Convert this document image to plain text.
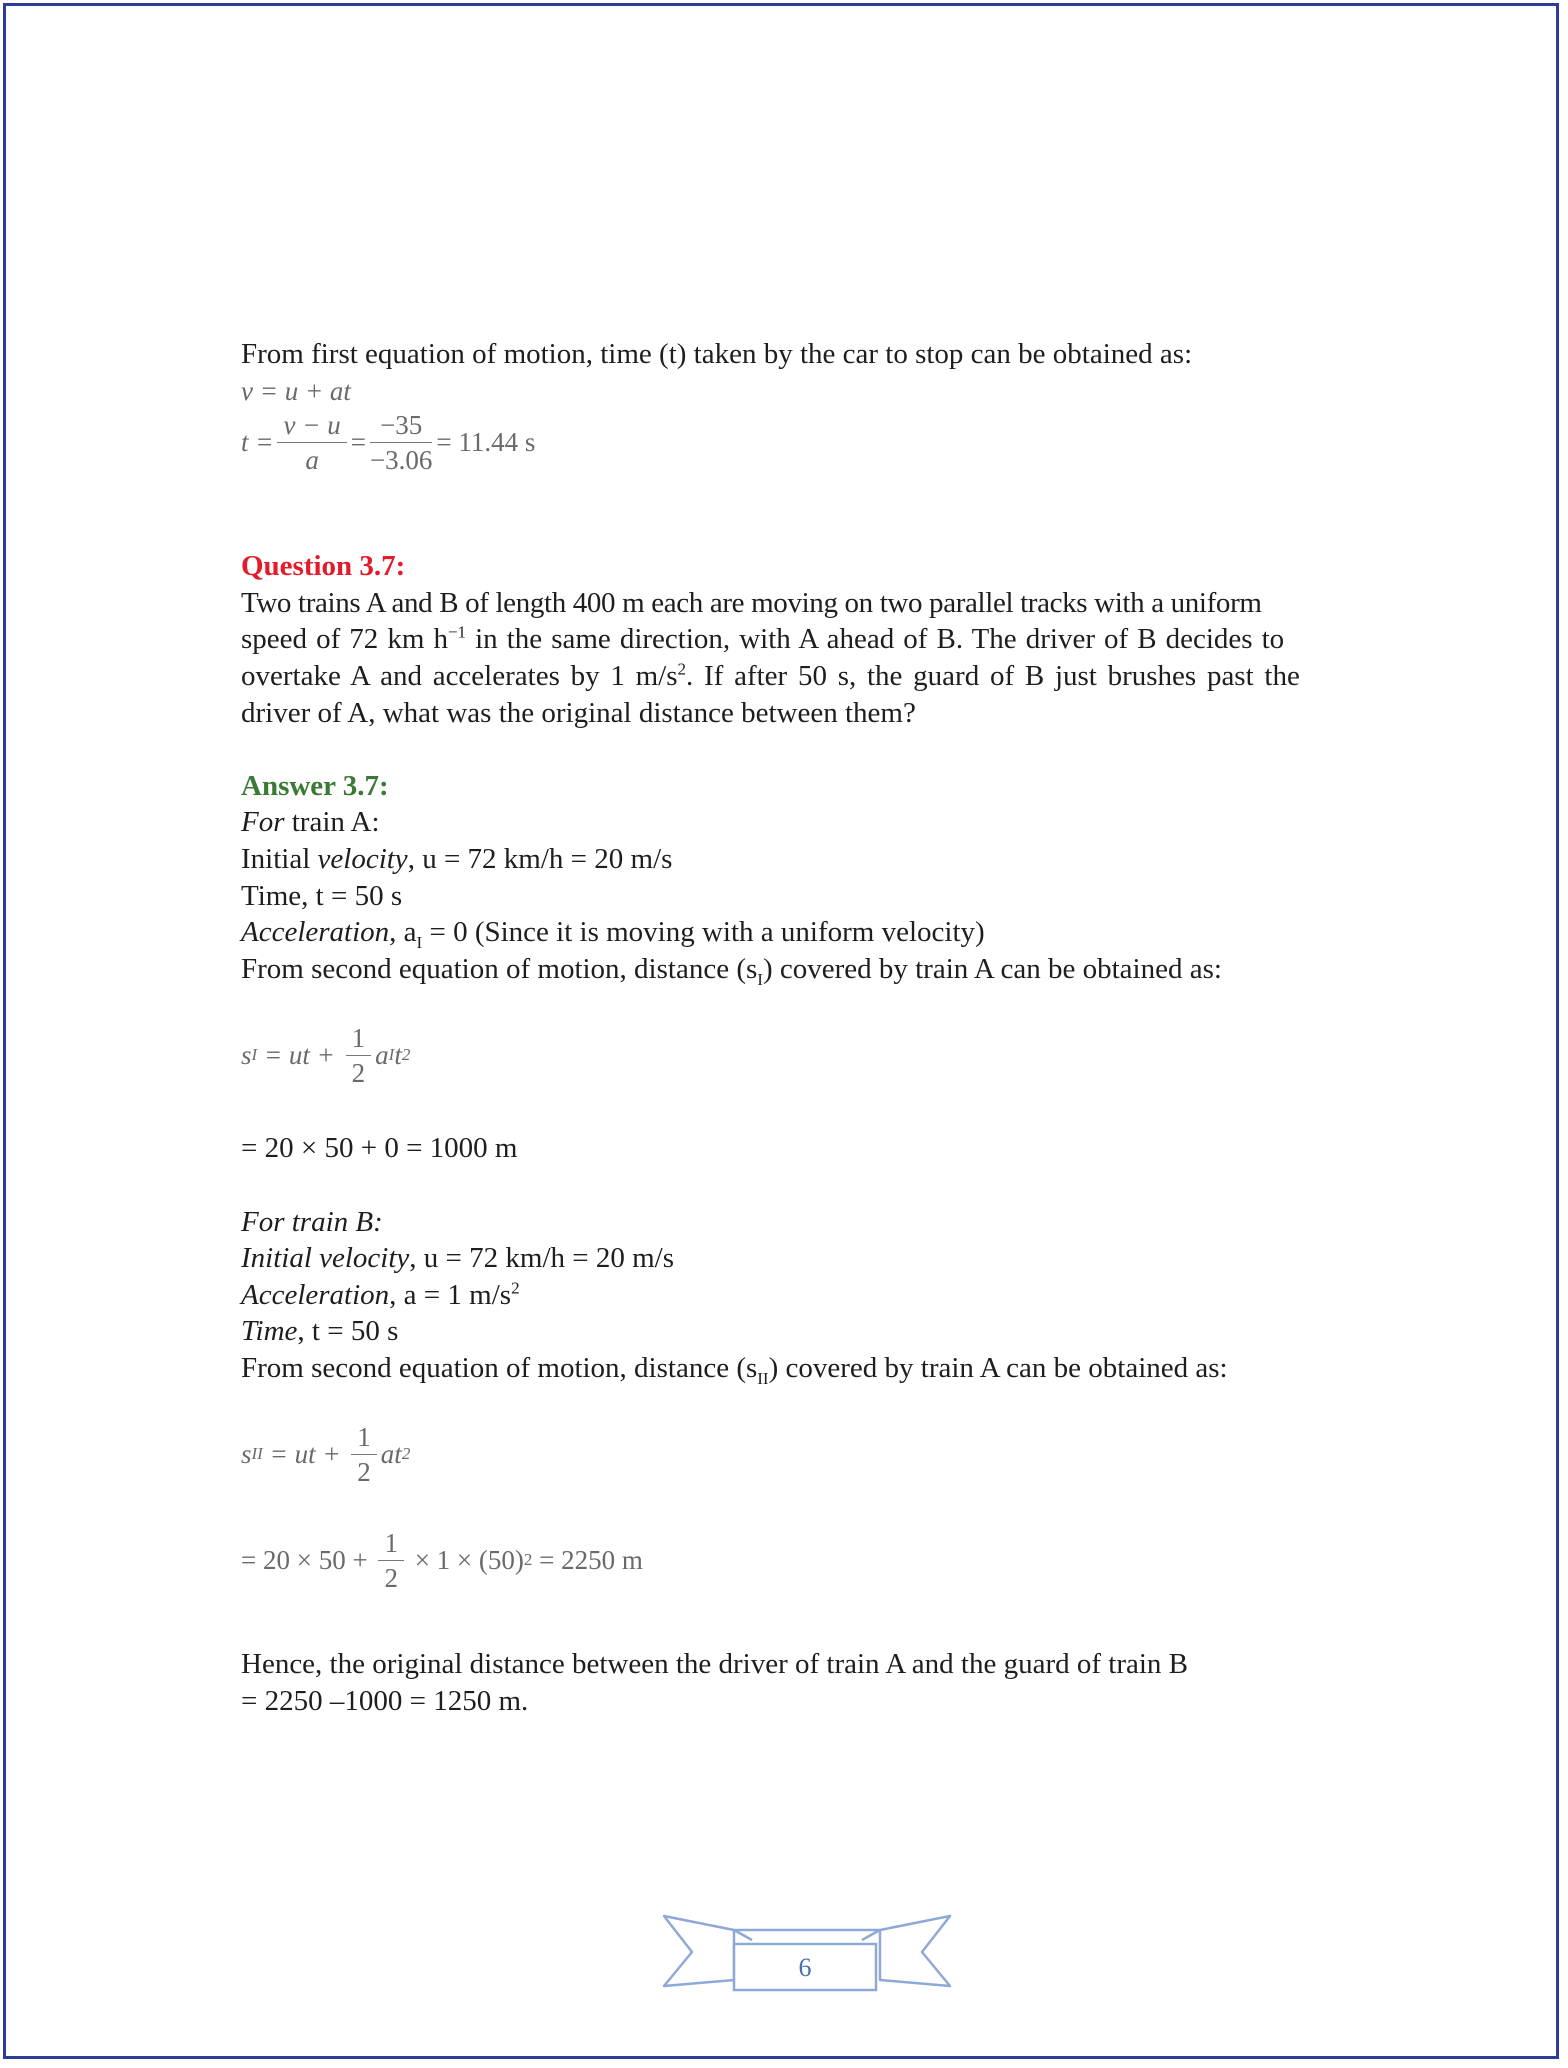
From first equation of motion, time (t) taken by the car to stop can be obtained as:
v = u + at
$t = \frac{v - u}{a} = \frac{-35}{-3.06} = 11.44$ s
Question 3.7:
Two trains A and B of length 400 m each are moving on two parallel tracks with a uniform
speed of 72 km $h^{-1}$ in the same direction, with A ahead of B. The driver of B decides to
overtake A and accelerates by 1 $m/s^2$. If after 50 s, the guard of B just brushes past the
driver of A, what was the original distance between them?
Answer 3.7:
For train A:
Initial velocity, u = 72 km/h = 20 m/s
Time, t = 50 s
Acceleration, $a_I = 0$ (Since it is moving with a uniform velocity)
From second equation of motion, distance $(s_I)$ covered by train A can be obtained as:
s I = ut + $\frac{1}{2}$ a I t 2
= 20 × 50 + 0 = 1000 m
For train B:
Initial velocity, u = 72 km/h = 20 m/s
Acceleration, a = 1 $m/s^2$
Time, t = 50 s
From second equation of motion, distance $(s_{II})$ covered by train A can be obtained as:
s II = ut + $\frac{1}{2}$ at 2
= $20 \times 50 + \frac{1}{2} \times 1 \times (50) 2 = 2250$ m
Hence, the original distance between the driver of train A and the guard of train B
= 2250 –1000 = 1250 m.
6
